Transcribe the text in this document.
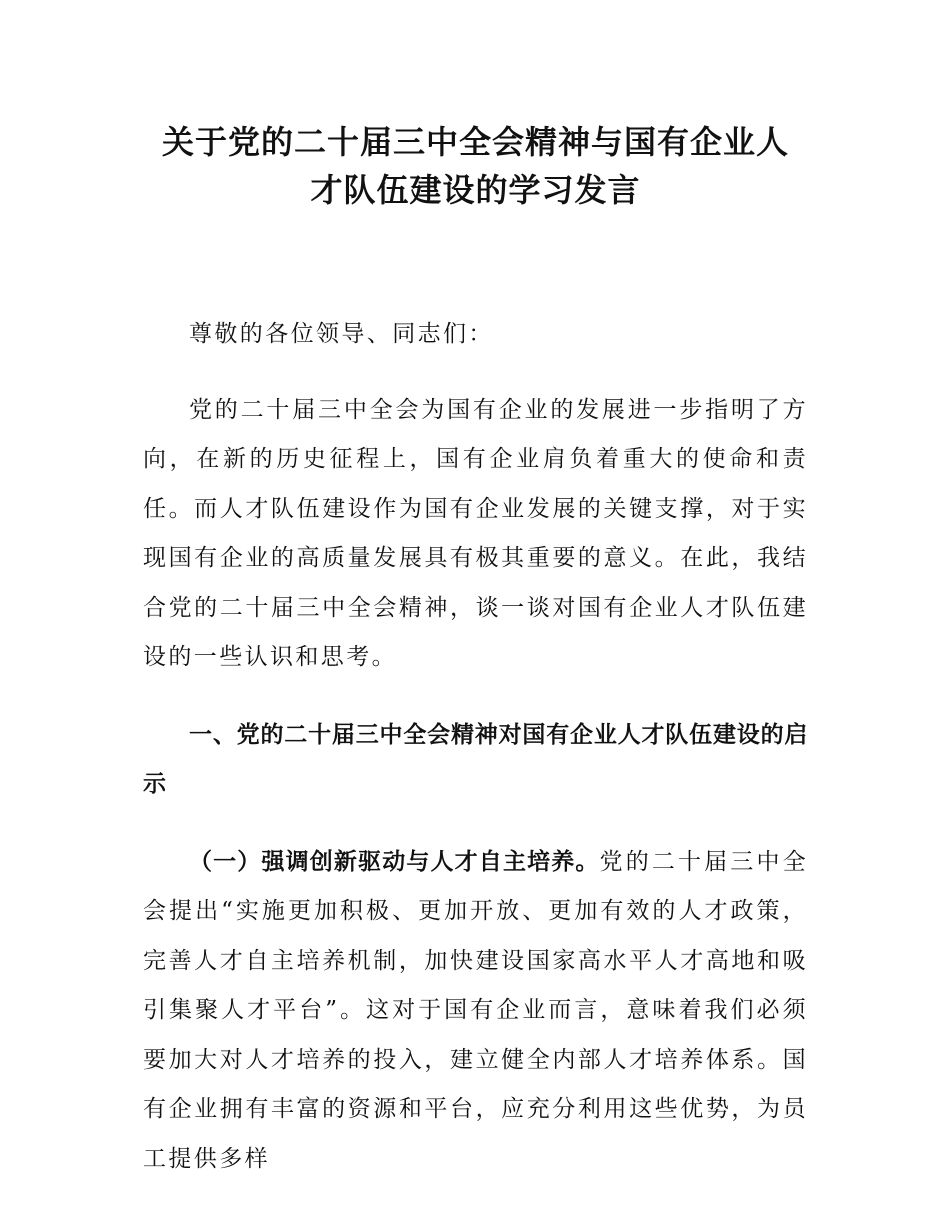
关于党的二十届三中全会精神与国有企业人
才队伍建设的学习发言

尊敬的各位领导、同志们：

党的二十届三中全会为国有企业的发展进一步指明了方向，在新的历史征程上，国有企业肩负着重大的使命和责任。而人才队伍建设作为国有企业发展的关键支撑，对于实现国有企业的高质量发展具有极其重要的意义。在此，我结合党的二十届三中全会精神，谈一谈对国有企业人才队伍建设的一些认识和思考。

一、党的二十届三中全会精神对国有企业人才队伍建设的启示

（一）强调创新驱动与人才自主培养。党的二十届三中全会提出“实施更加积极、更加开放、更加有效的人才政策，完善人才自主培养机制，加快建设国家高水平人才高地和吸引集聚人才平台”。这对于国有企业而言，意味着我们必须要加大对人才培养的投入，建立健全内部人才培养体系。国有企业拥有丰富的资源和平台，应充分利用这些优势，为员工提供多样
